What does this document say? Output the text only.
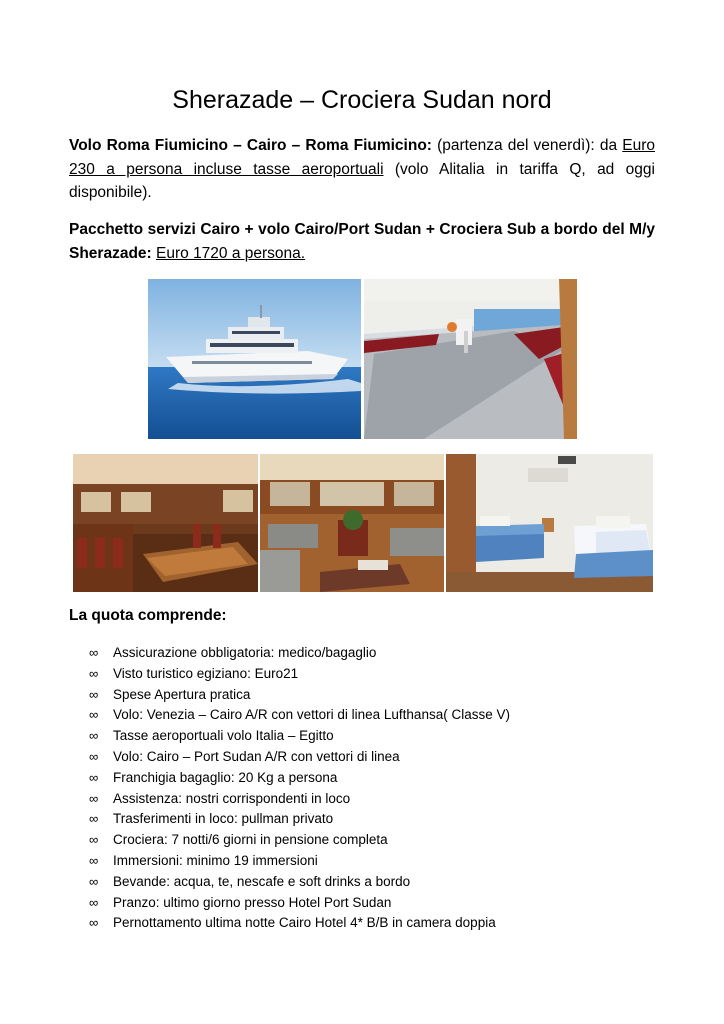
Sherazade – Crociera Sudan nord

Volo Roma Fiumicino – Cairo – Roma Fiumicino: (partenza del venerdì): da Euro 230 a persona incluse tasse aeroportuali (volo Alitalia in tariffa Q, ad oggi disponibile).

Pacchetto servizi Cairo + volo Cairo/Port Sudan + Crociera Sub a bordo del M/y Sherazade: Euro 1720 a persona.

La quota comprende:

∞	Assicurazione obbligatoria: medico/bagaglio
∞	Visto turistico egiziano: Euro21
∞	Spese Apertura pratica
∞	Volo: Venezia – Cairo A/R con vettori di linea Lufthansa( Classe V)
∞	Tasse aeroportuali volo Italia – Egitto
∞	Volo: Cairo – Port Sudan A/R con vettori di linea
∞	Franchigia bagaglio: 20 Kg a persona
∞	Assistenza: nostri corrispondenti in loco
∞	Trasferimenti in loco: pullman privato
∞	Crociera: 7 notti/6 giorni in pensione completa
∞	Immersioni: minimo 19 immersioni
∞	Bevande: acqua, te, nescafe e soft drinks a bordo
∞	Pranzo: ultimo giorno presso Hotel Port Sudan
∞	Pernottamento ultima notte Cairo Hotel 4* B/B in camera doppia
